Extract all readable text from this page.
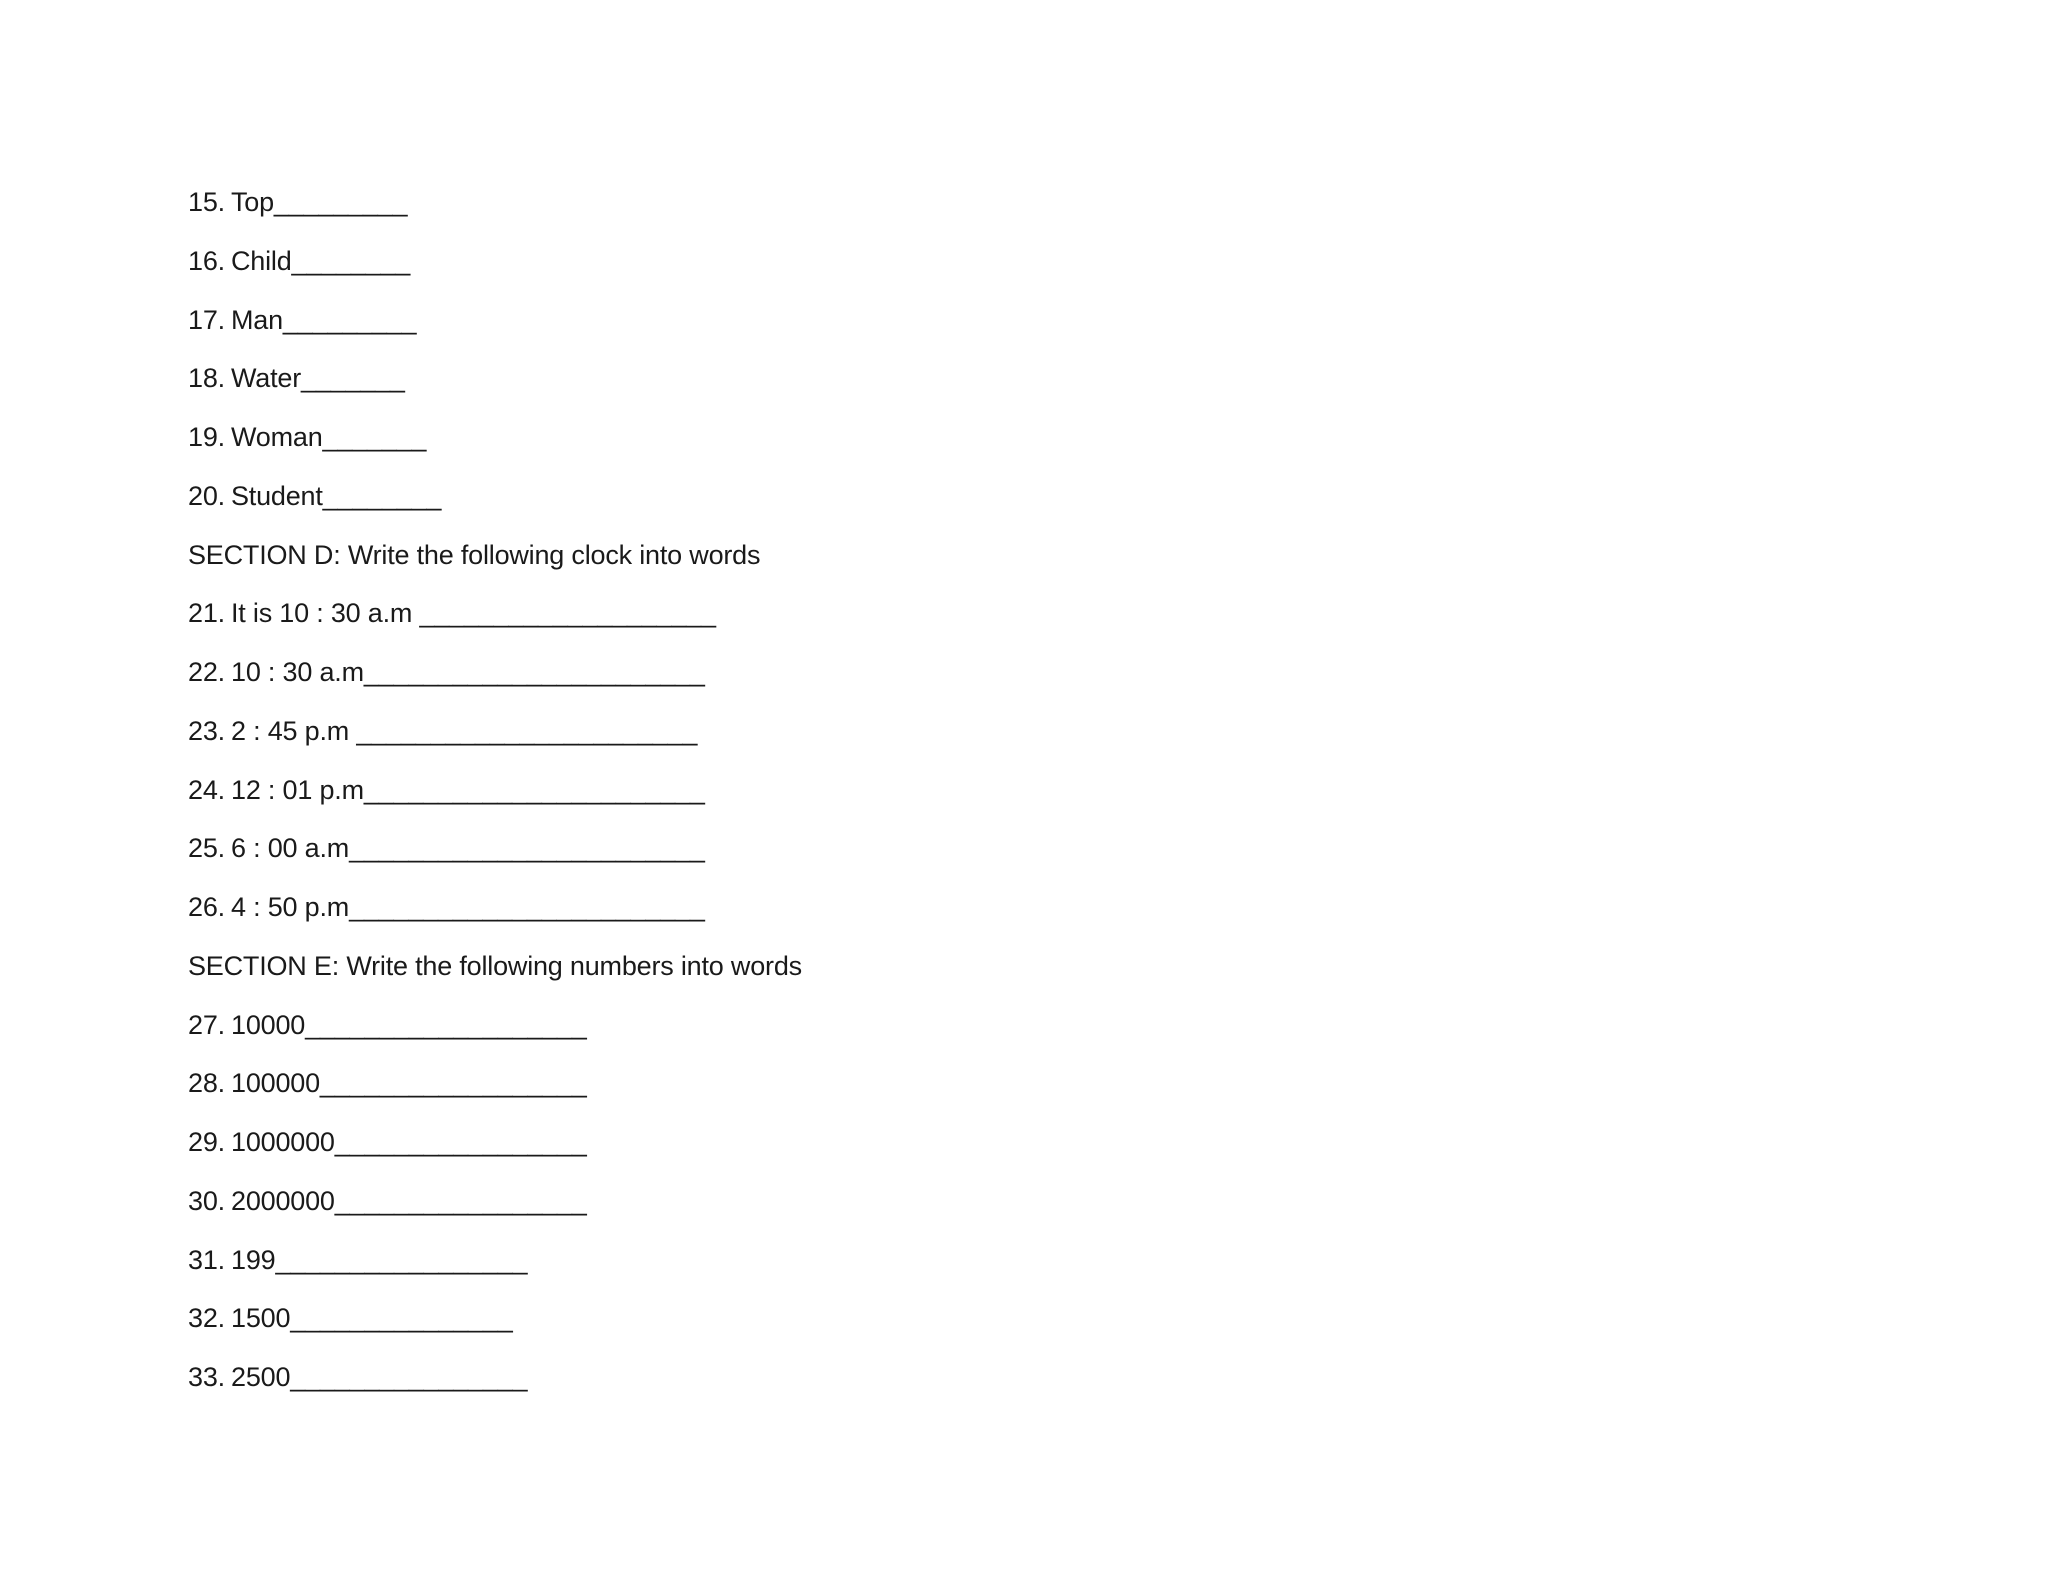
15. Top_________
16. Child________
17. Man_________
18. Water_______
19. Woman_______
20. Student________
SECTION D: Write the following clock into words
21. It is 10 : 30 a.m ____________________
22. 10 : 30 a.m_______________________
23. 2 : 45 p.m _______________________
24. 12 : 01 p.m_______________________
25. 6 : 00 a.m________________________
26. 4 : 50 p.m________________________
SECTION E: Write the following numbers into words
27. 10000___________________
28. 100000__________________
29. 1000000_________________
30. 2000000_________________
31. 199_________________
32. 1500_______________
33. 2500________________
